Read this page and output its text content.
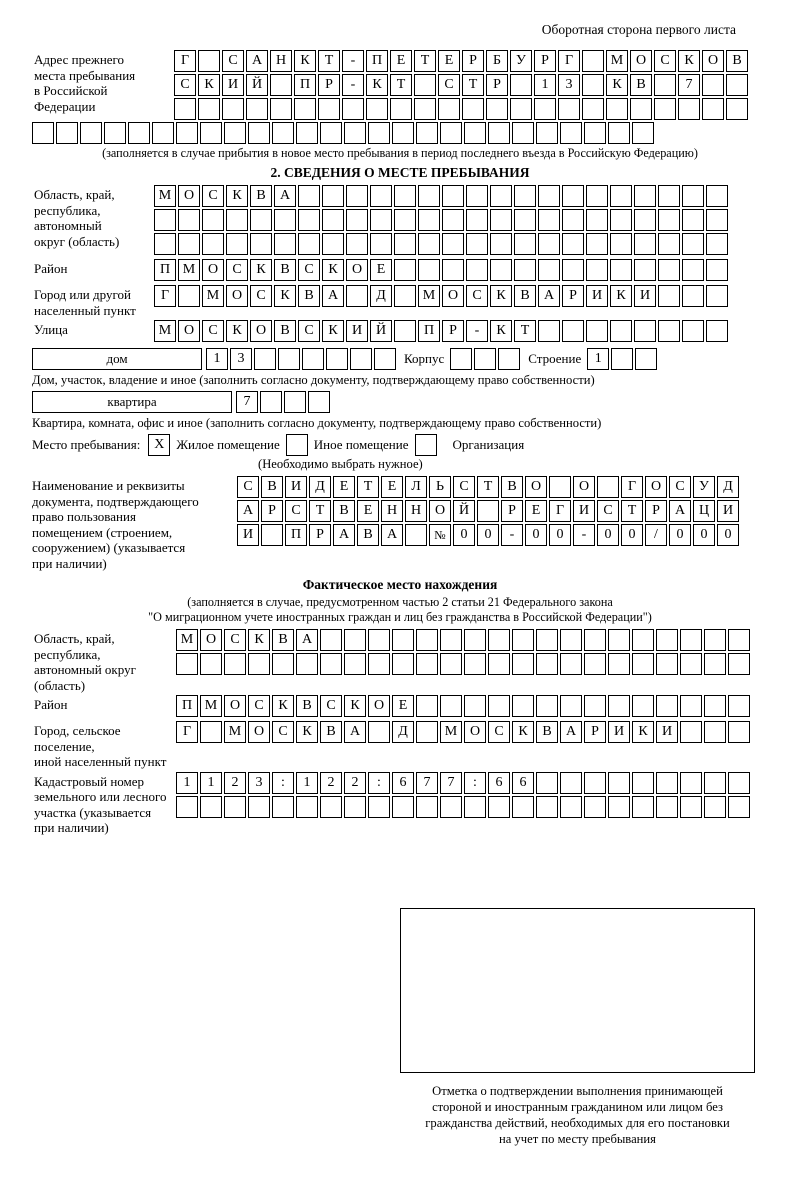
Оборотная сторона первого листа
Адрес прежнего
места пребывания
в Российской
Федерации
Г	С	А Н	К	Т	-	П	Е	Т	Е	Р	Б	У	Р	Г	М О	С	К	О	В
С	К	И Й	П	Р	-	К	Т	С	Т	Р	1	3	К	В	7
(заполняется в случае прибытия в новое место пребывания в период последнего въезда в Российскую Федерацию)
2. СВЕДЕНИЯ О МЕСТЕ ПРЕБЫВАНИЯ
Область, край,
республика,
автономный
округ (область)
М О	С	К	В	А
Район	П М О	С	К	В	С	К	О	Е
Город или другой
населенный пункт
Г	М О	С	К	В	А	Д	М О	С	К	В	А	Р	И	К	И
Улица	М О	С	К	О	В	С	К	И Й	П	Р	-	К	Т
дом	1	3	Корпус	Строение 1
Дом, участок, владение и иное (заполнить согласно документу, подтверждающему право собственности)
квартира	7
Квартира, комната, офис и иное (заполнить согласно документу, подтверждающему право собственности)
Место пребывания: Х Жилое помещение	Иное помещение	Организация
(Необходимо выбрать нужное)
Наименование и реквизиты
документа, подтверждающего
право пользования
помещением (строением,
сооружением) (указывается
при наличии)
С	В	И	Д	Е	Т	Е	Л	Ь	С	Т	В	О	О	Г	О	С	У	Д
А	Р	С	Т	В	Е	Н Н О Й	Р	Е	Г	И	С	Т	Р	А Ц И
И	П	Р	А	В	А	№	0	0	-	0	0	-	0	0	/	0	0	0
Фактическое место нахождения
(заполняется в случае, предусмотренном частью 2 статьи 21 Федерального закона
"О миграционном учете иностранных граждан и лиц без гражданства в Российской Федерации")
Область, край,
республика,
автономный округ
(область)
М О	С	К	В	А
Район	П М О	С	К	В	С	К	О	Е
Город, сельское поселение,
иной населенный пункт
Г	М О	С	К	В	А	Д	М О	С	К	В	А	Р	И	К	И
Кадастровый номер
земельного или лесного
участка (указывается
при наличии)
1	1	2	3	:	1	2	2	:	6	7	7	:	6	6
Отметка о подтверждении выполнения принимающей
стороной и иностранным гражданином или лицом без
гражданства действий, необходимых для его постановки
на учет по месту пребывания
